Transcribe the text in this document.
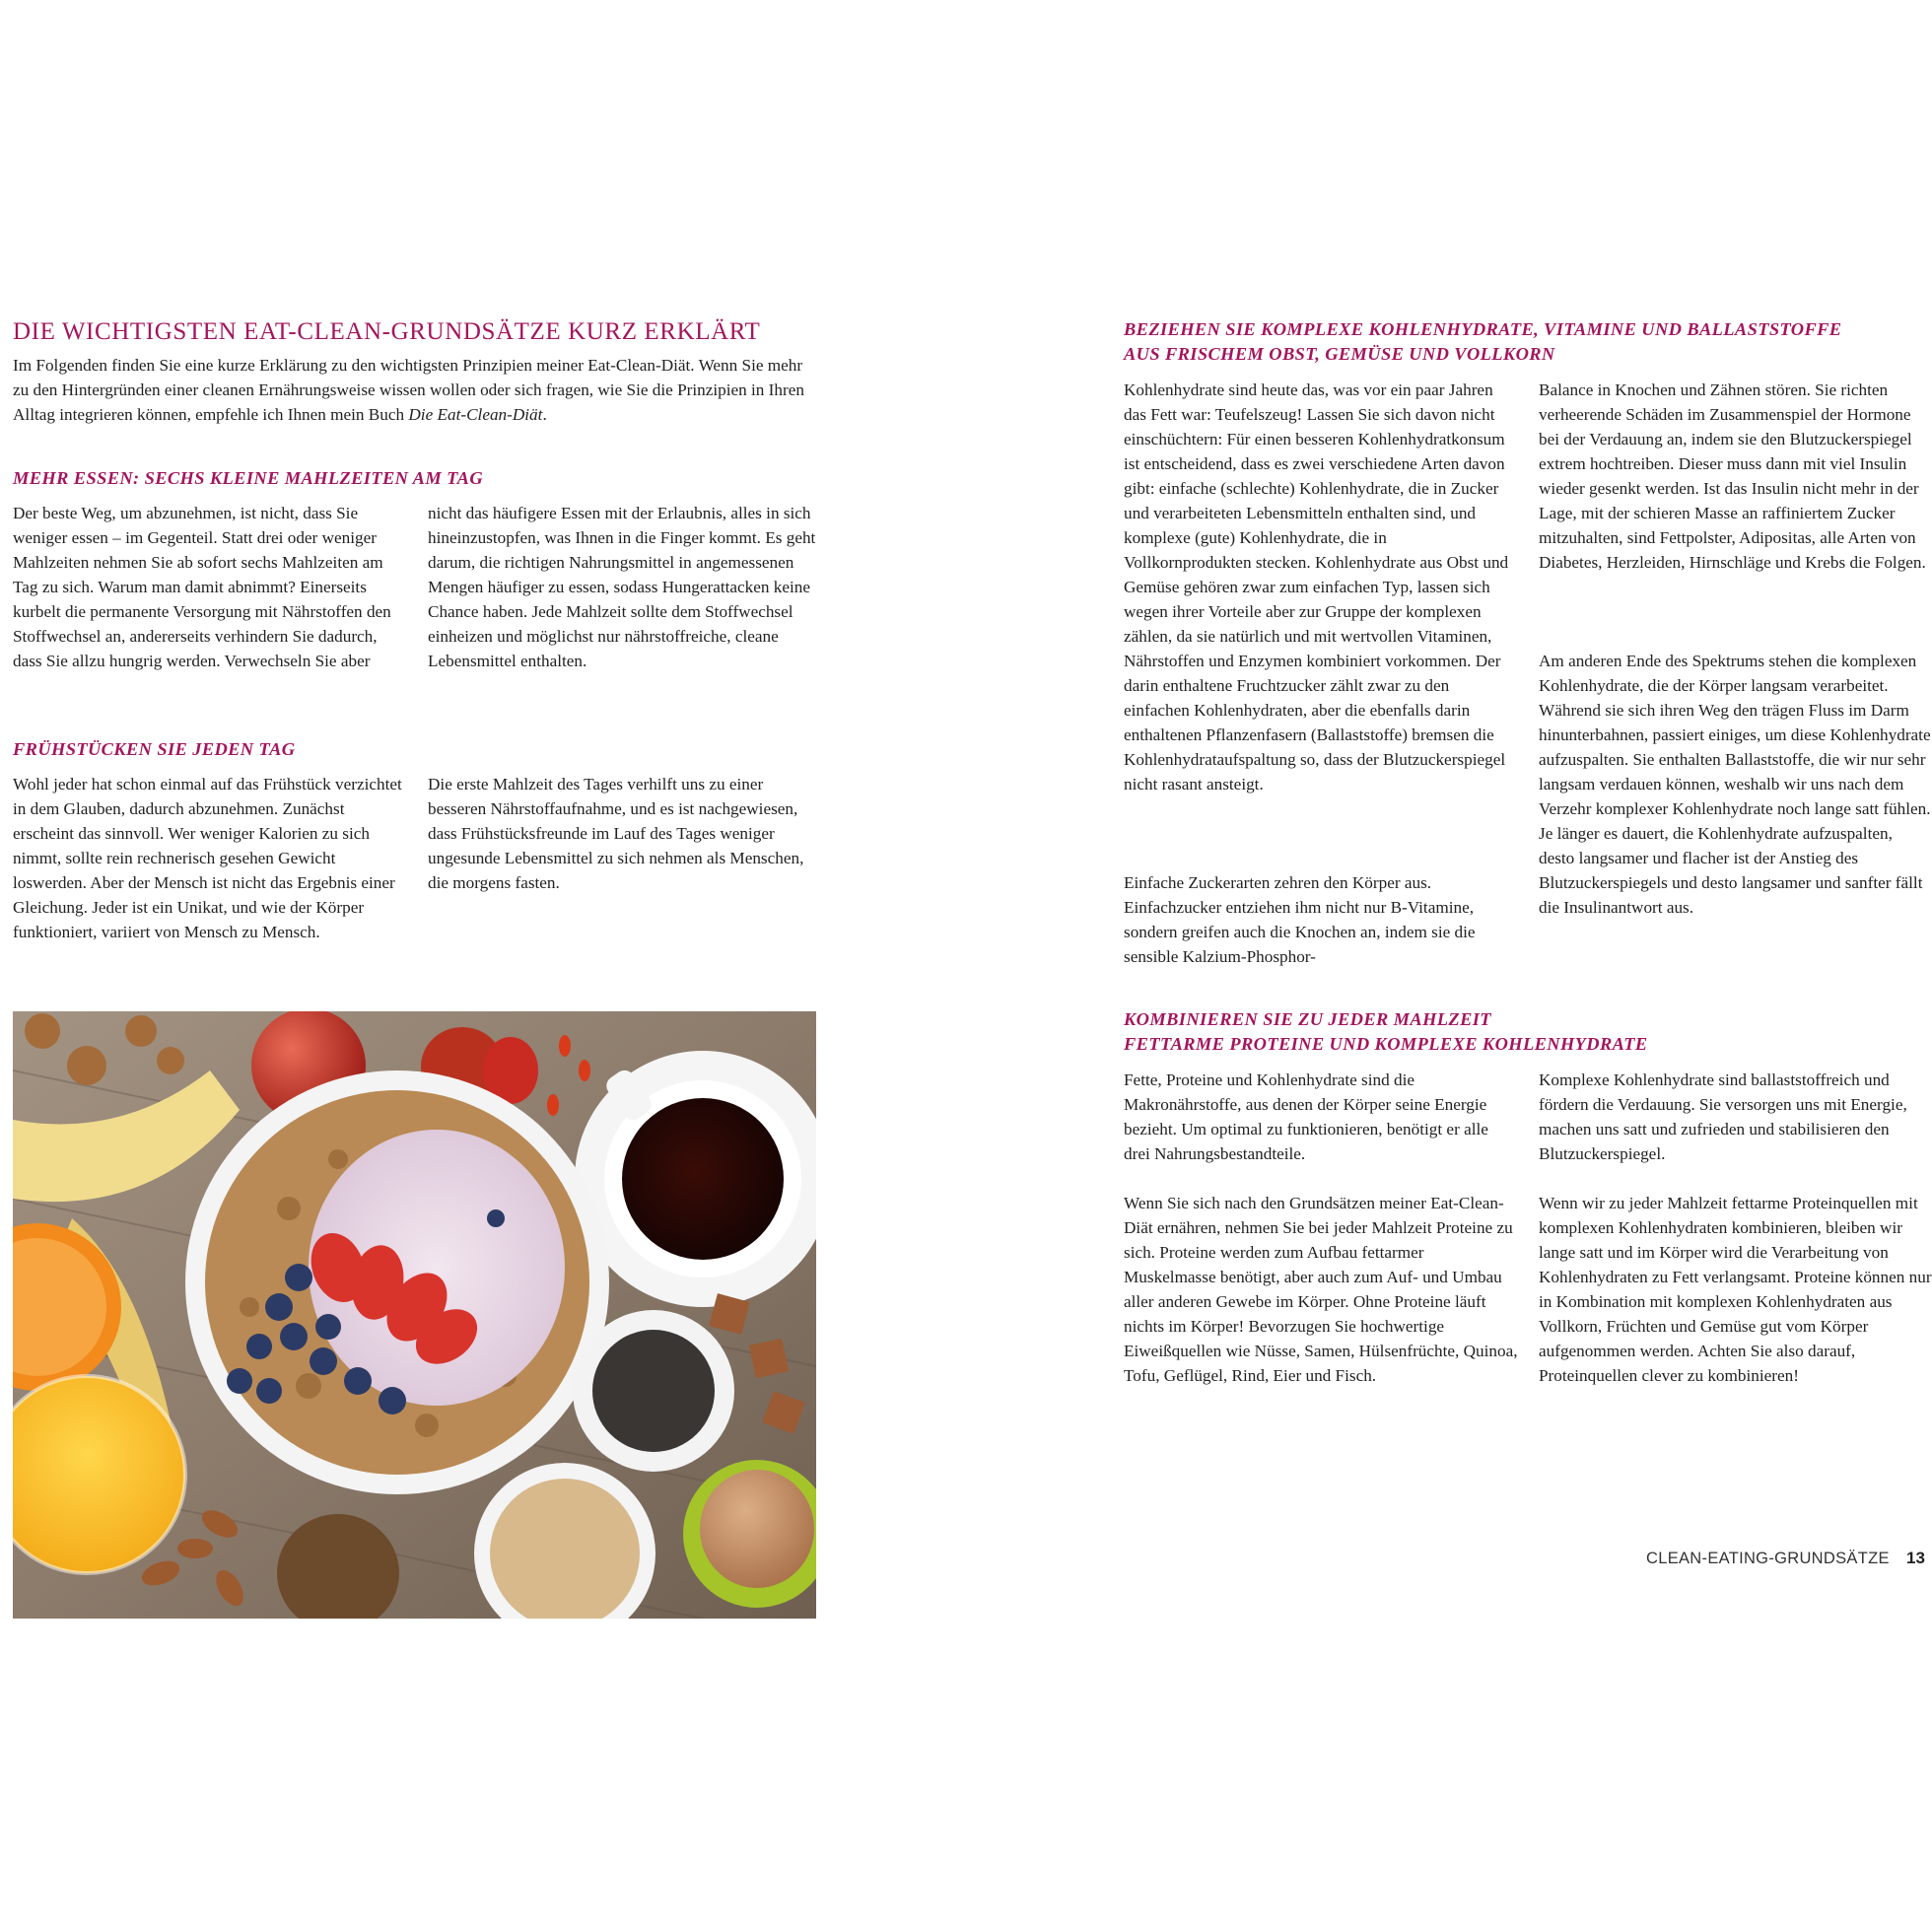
DIE WICHTIGSTEN EAT-CLEAN-GRUNDSÄTZE KURZ ERKLÄRT

Im Folgenden finden Sie eine kurze Erklärung zu den wichtigsten Prinzipien meiner Eat-Clean-Diät. Wenn Sie mehr zu den Hintergründen einer cleanen Ernährungsweise wissen wollen oder sich fragen, wie Sie die Prinzipien in Ihren Alltag integrieren können, empfehle ich Ihnen mein Buch Die Eat-Clean-Diät.

MEHR ESSEN: SECHS KLEINE MAHLZEITEN AM TAG

Der beste Weg, um abzunehmen, ist nicht, dass Sie weniger essen – im Gegenteil. Statt drei oder weniger Mahlzeiten nehmen Sie ab sofort sechs Mahlzeiten am Tag zu sich. Warum man damit abnimmt? Einerseits kurbelt die permanente Versorgung mit Nährstoffen den Stoffwechsel an, andererseits verhindern Sie dadurch, dass Sie allzu hungrig werden. Verwechseln Sie aber

nicht das häufigere Essen mit der Erlaubnis, alles in sich hineinzustopfen, was Ihnen in die Finger kommt. Es geht darum, die richtigen Nahrungsmittel in angemessenen Mengen häufiger zu essen, sodass Hungerattacken keine Chance haben. Jede Mahlzeit sollte dem Stoffwechsel einheizen und möglichst nur nährstoffreiche, cleane Lebensmittel enthalten.

FRÜHSTÜCKEN SIE JEDEN TAG

Wohl jeder hat schon einmal auf das Frühstück verzichtet in dem Glauben, dadurch abzunehmen. Zunächst erscheint das sinnvoll. Wer weniger Kalorien zu sich nimmt, sollte rein rechnerisch gesehen Gewicht loswerden. Aber der Mensch ist nicht das Ergebnis einer Gleichung. Jeder ist ein Unikat, und wie der Körper funktioniert, variiert von Mensch zu Mensch.

Die erste Mahlzeit des Tages verhilft uns zu einer besseren Nährstoffaufnahme, und es ist nachgewiesen, dass Frühstücksfreunde im Lauf des Tages weniger ungesunde Lebensmittel zu sich nehmen als Menschen, die morgens fasten.

BEZIEHEN SIE KOMPLEXE KOHLENHYDRATE, VITAMINE UND BALLASTSTOFFE
AUS FRISCHEM OBST, GEMÜSE UND VOLLKORN

Kohlenhydrate sind heute das, was vor ein paar Jahren das Fett war: Teufelszeug! Lassen Sie sich davon nicht einschüchtern: Für einen besseren Kohlenhydratkonsum ist entscheidend, dass es zwei verschiedene Arten davon gibt: einfache (schlechte) Kohlenhydrate, die in Zucker und verarbeiteten Lebensmitteln enthalten sind, und komplexe (gute) Kohlenhydrate, die in Vollkornprodukten stecken. Kohlenhydrate aus Obst und Gemüse gehören zwar zum einfachen Typ, lassen sich wegen ihrer Vorteile aber zur Gruppe der komplexen zählen, da sie natürlich und mit wertvollen Vitaminen, Nährstoffen und Enzymen kombiniert vorkommen. Der darin enthaltene Fruchtzucker zählt zwar zu den einfachen Kohlenhydraten, aber die ebenfalls darin enthaltenen Pflanzenfasern (Ballaststoffe) bremsen die Kohlenhydrataufspaltung so, dass der Blutzuckerspiegel nicht rasant ansteigt.

Einfache Zuckerarten zehren den Körper aus. Einfachzucker entziehen ihm nicht nur B-Vitamine, sondern greifen auch die Knochen an, indem sie die sensible Kalzium-Phosphor-

Balance in Knochen und Zähnen stören. Sie richten verheerende Schäden im Zusammenspiel der Hormone bei der Verdauung an, indem sie den Blutzuckerspiegel extrem hochtreiben. Dieser muss dann mit viel Insulin wieder gesenkt werden. Ist das Insulin nicht mehr in der Lage, mit der schieren Masse an raffiniertem Zucker mitzuhalten, sind Fettpolster, Adipositas, alle Arten von Diabetes, Herzleiden, Hirnschläge und Krebs die Folgen.

Am anderen Ende des Spektrums stehen die komplexen Kohlenhydrate, die der Körper langsam verarbeitet. Während sie sich ihren Weg den trägen Fluss im Darm hinunterbahnen, passiert einiges, um diese Kohlenhydrate aufzuspalten. Sie enthalten Ballaststoffe, die wir nur sehr langsam verdauen können, weshalb wir uns nach dem Verzehr komplexer Kohlenhydrate noch lange satt fühlen. Je länger es dauert, die Kohlenhydrate aufzuspalten, desto langsamer und flacher ist der Anstieg des Blutzuckerspiegels und desto langsamer und sanfter fällt die Insulinantwort aus.

KOMBINIEREN SIE ZU JEDER MAHLZEIT
FETTARME PROTEINE UND KOMPLEXE KOHLENHYDRATE

Fette, Proteine und Kohlenhydrate sind die Makronährstoffe, aus denen der Körper seine Energie bezieht. Um optimal zu funktionieren, benötigt er alle drei Nahrungsbestandteile.

Wenn Sie sich nach den Grundsätzen meiner Eat-Clean-Diät ernähren, nehmen Sie bei jeder Mahlzeit Proteine zu sich. Proteine werden zum Aufbau fettarmer Muskelmasse benötigt, aber auch zum Auf- und Umbau aller anderen Gewebe im Körper. Ohne Proteine läuft nichts im Körper! Bevorzugen Sie hochwertige Eiweißquellen wie Nüsse, Samen, Hülsenfrüchte, Quinoa, Tofu, Geflügel, Rind, Eier und Fisch.

Komplexe Kohlenhydrate sind ballaststoffreich und fördern die Verdauung. Sie versorgen uns mit Energie, machen uns satt und zufrieden und stabilisieren den Blutzuckerspiegel.

Wenn wir zu jeder Mahlzeit fettarme Proteinquellen mit komplexen Kohlenhydraten kombinieren, bleiben wir lange satt und im Körper wird die Verarbeitung von Kohlenhydraten zu Fett verlangsamt. Proteine können nur in Kombination mit komplexen Kohlenhydraten aus Vollkorn, Früchten und Gemüse gut vom Körper aufgenommen werden. Achten Sie also darauf, Proteinquellen clever zu kombinieren!

CLEAN-EATING-GRUNDSÄTZE 13
